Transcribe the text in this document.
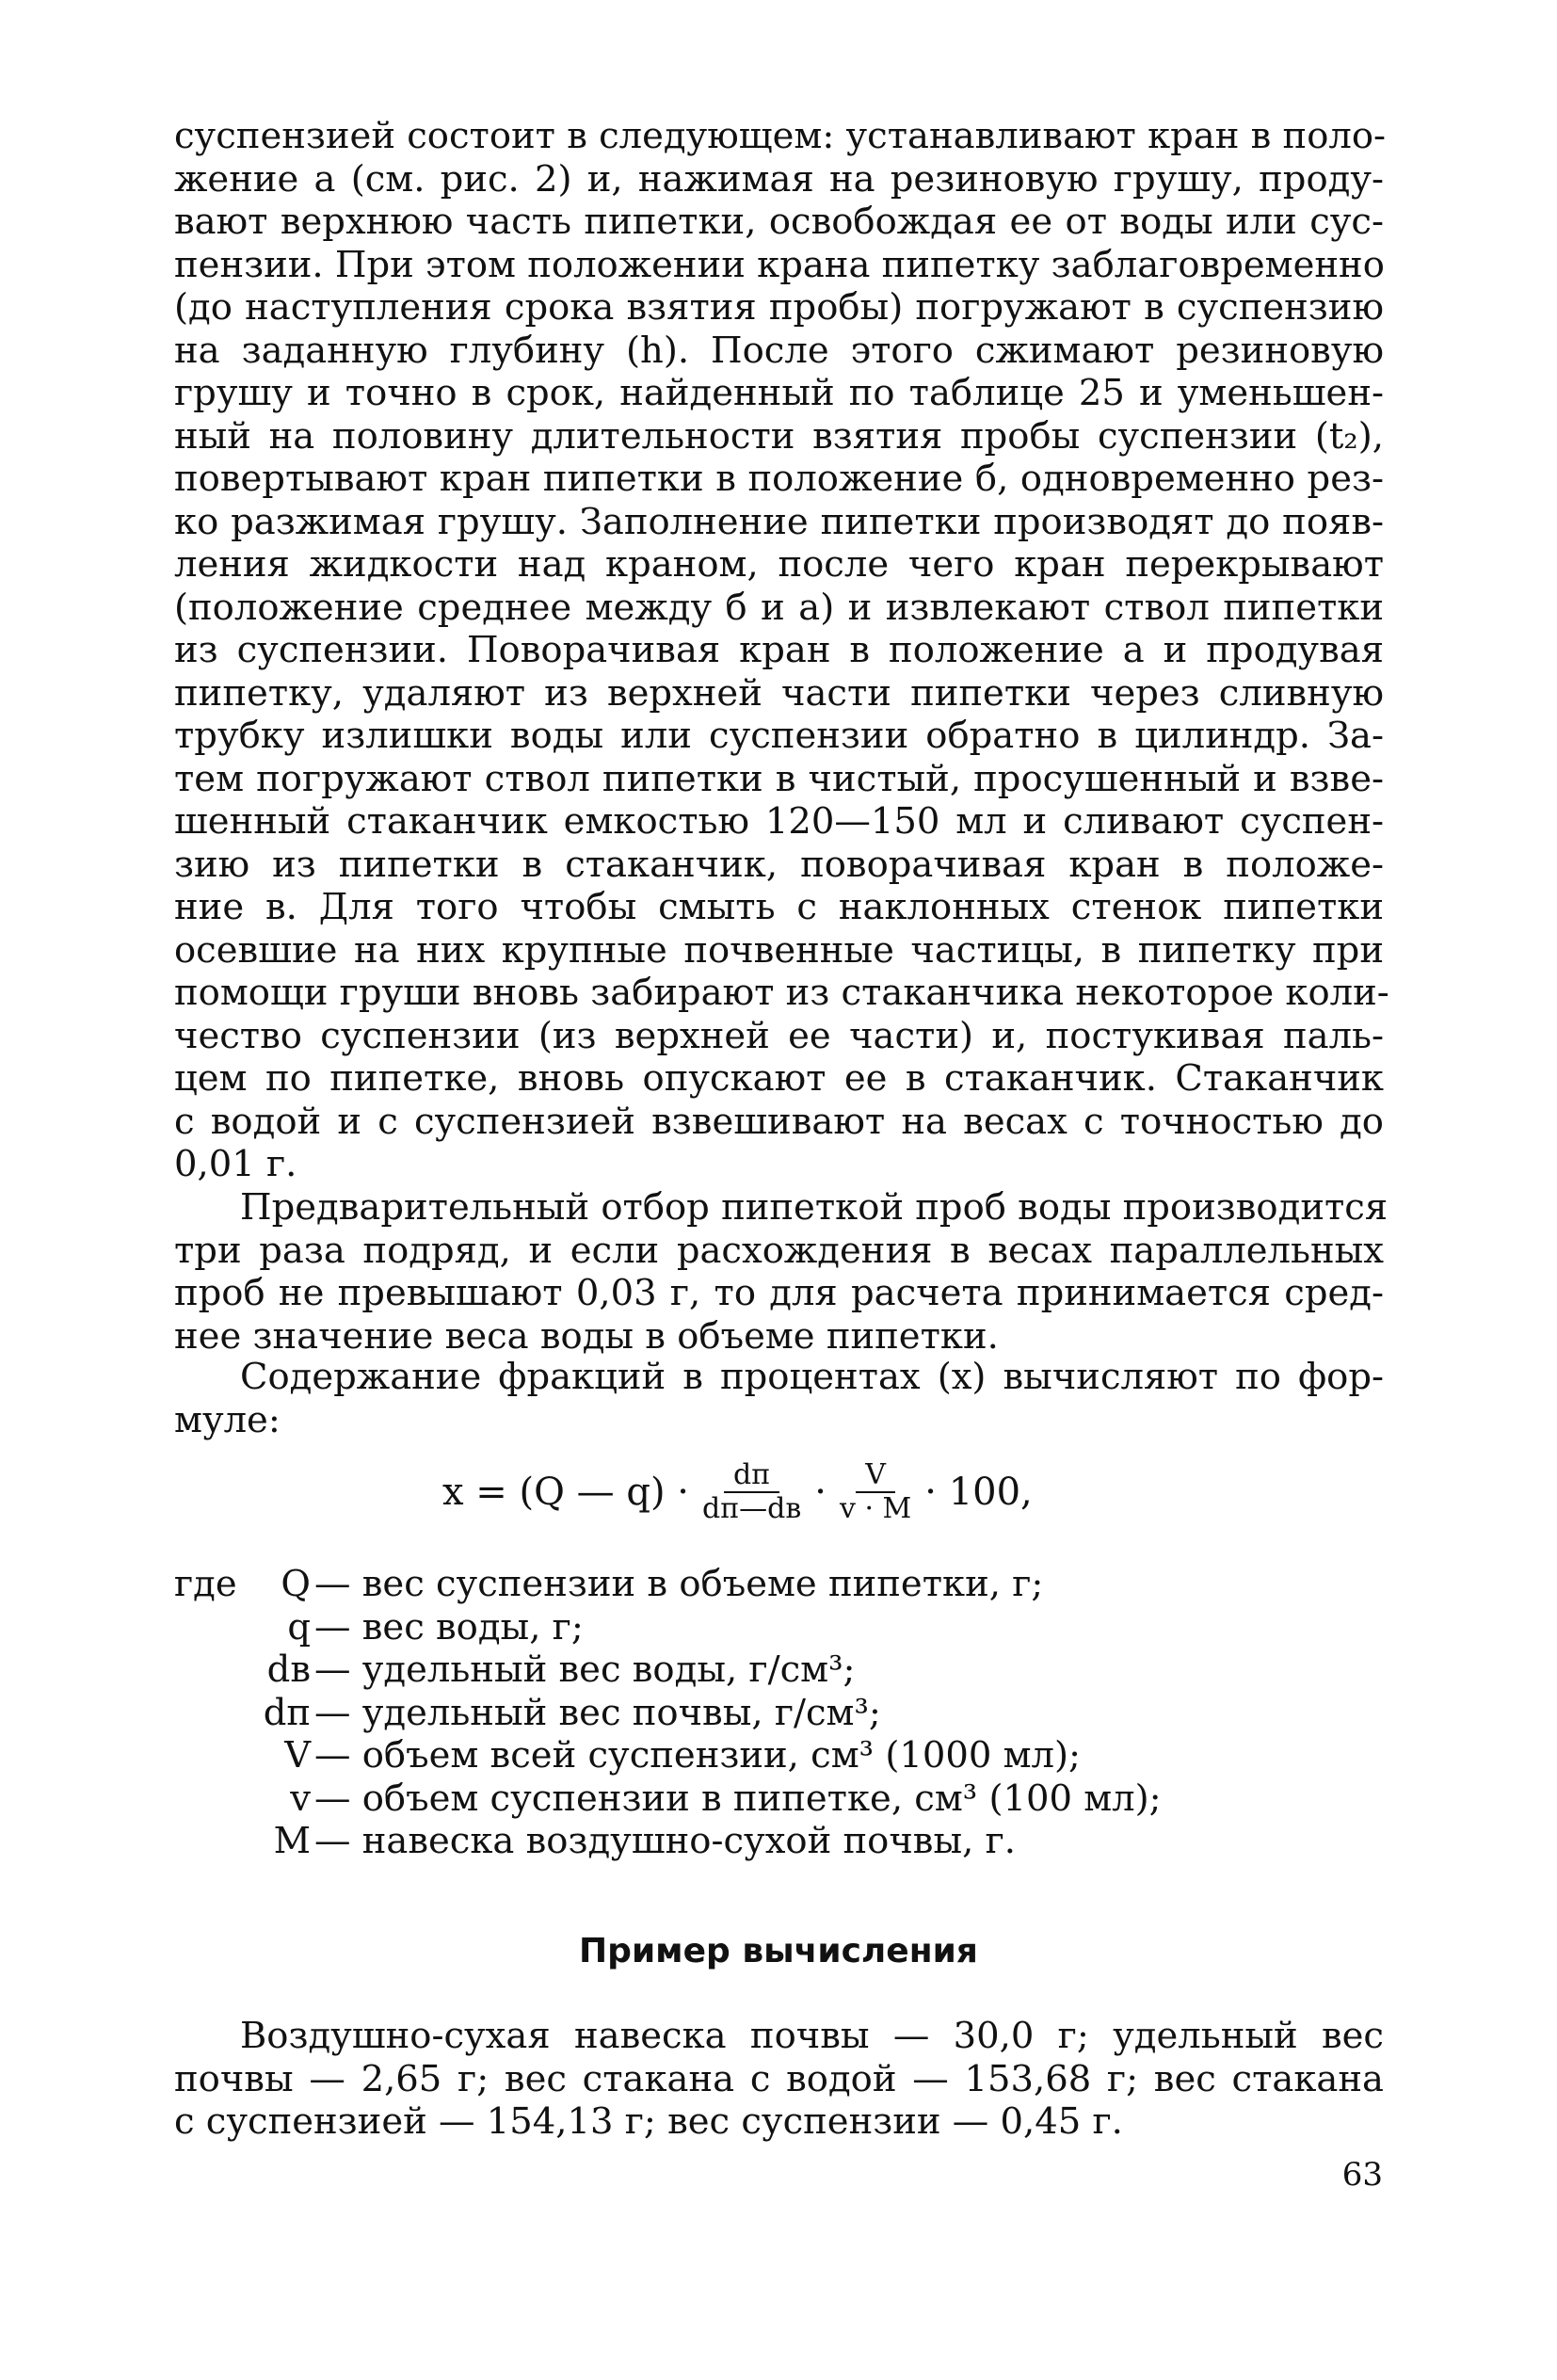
суспензией состоит в следующем: устанавливают кран в поло-
жение а (см. рис. 2) и, нажимая на резиновую грушу, проду-
вают верхнюю часть пипетки, освобождая ее от воды или сус-
пензии. При этом положении крана пипетку заблаговременно
(до наступления срока взятия пробы) погружают в суспензию
на заданную глубину (h). После этого сжимают резиновую
грушу и точно в срок, найденный по таблице 25 и уменьшен-
ный на половину длительности взятия пробы суспензии (t₂),
повертывают кран пипетки в положение б, одновременно рез-
ко разжимая грушу. Заполнение пипетки производят до появ-
ления жидкости над краном, после чего кран перекрывают
(положение среднее между б и а) и извлекают ствол пипетки
из суспензии. Поворачивая кран в положение а и продувая
пипетку, удаляют из верхней части пипетки через сливную
трубку излишки воды или суспензии обратно в цилиндр. За-
тем погружают ствол пипетки в чистый, просушенный и взве-
шенный стаканчик емкостью 120—150 мл и сливают суспен-
зию из пипетки в стаканчик, поворачивая кран в положе-
ние в. Для того чтобы смыть с наклонных стенок пипетки
осевшие на них крупные почвенные частицы, в пипетку при
помощи груши вновь забирают из стаканчика некоторое коли-
чество суспензии (из верхней ее части) и, постукивая паль-
цем по пипетке, вновь опускают ее в стаканчик. Стаканчик
с водой и с суспензией взвешивают на весах с точностью до
0,01 г.

Предварительный отбор пипеткой проб воды производится
три раза подряд, и если расхождения в весах параллельных
проб не превышают 0,03 г, то для расчета принимается сред-
нее значение веса воды в объеме пипетки.

Содержание фракций в процентах (х) вычисляют по фор-
муле:

x = (Q — $q) \cdot \frac{dп}{dп—dв} \cdot \frac{V}{v \cdot M} \cdot 100$,
где	Q — вес суспензии в объеме пипетки, г;
q — вес воды, г;
dв — удельный вес воды, г/см³;
dп — удельный вес почвы, г/см³;
V — объем всей суспензии, см³ (1000 мл);
v — объем суспензии в пипетке, см³ (100 мл);
M — навеска воздушно-сухой почвы, г.
Пример вычисления

Воздушно-сухая навеска почвы — 30,0 г; удельный вес
почвы — 2,65 г; вес стакана с водой — 153,68 г; вес стакана
с суспензией — 154,13 г; вес суспензии — 0,45 г.

63
